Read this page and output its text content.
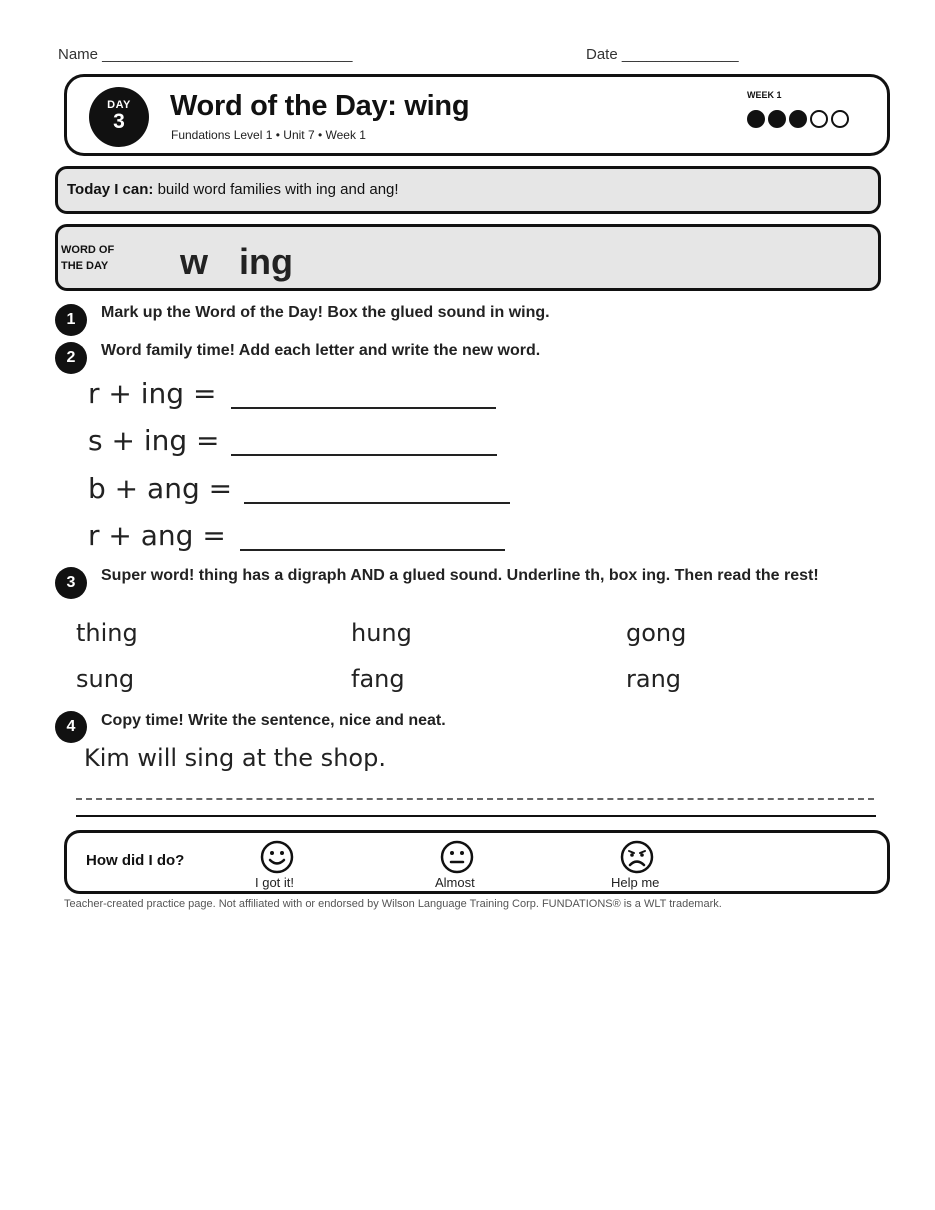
Name ______________________________	Date ______________
DAY
3	Word of the Day: wing
Fundations Level 1 • Unit 7 • Week 1
WEEK 1
Today I can: build word families with ing and ang!
WORD OF
THE DAY	w ing
1	Mark up the Word of the Day! Box the glued sound in wing.
2	Word family time! Add each letter and write the new word.
r + ing =
s + ing =
b + ang =
r + ang =
3	Super word! thing has a digraph AND a glued sound. Underline th, box ing. Then read the rest!
thing	hung	gong
sung	fang	rang
4	Copy time! Write the sentence, nice and neat.
Kim will sing at the shop.
How did I do?
I got it!	Almost	Help me
Teacher-created practice page. Not affiliated with or endorsed by Wilson Language Training Corp. FUNDATIONS® is a WLT trademark.
